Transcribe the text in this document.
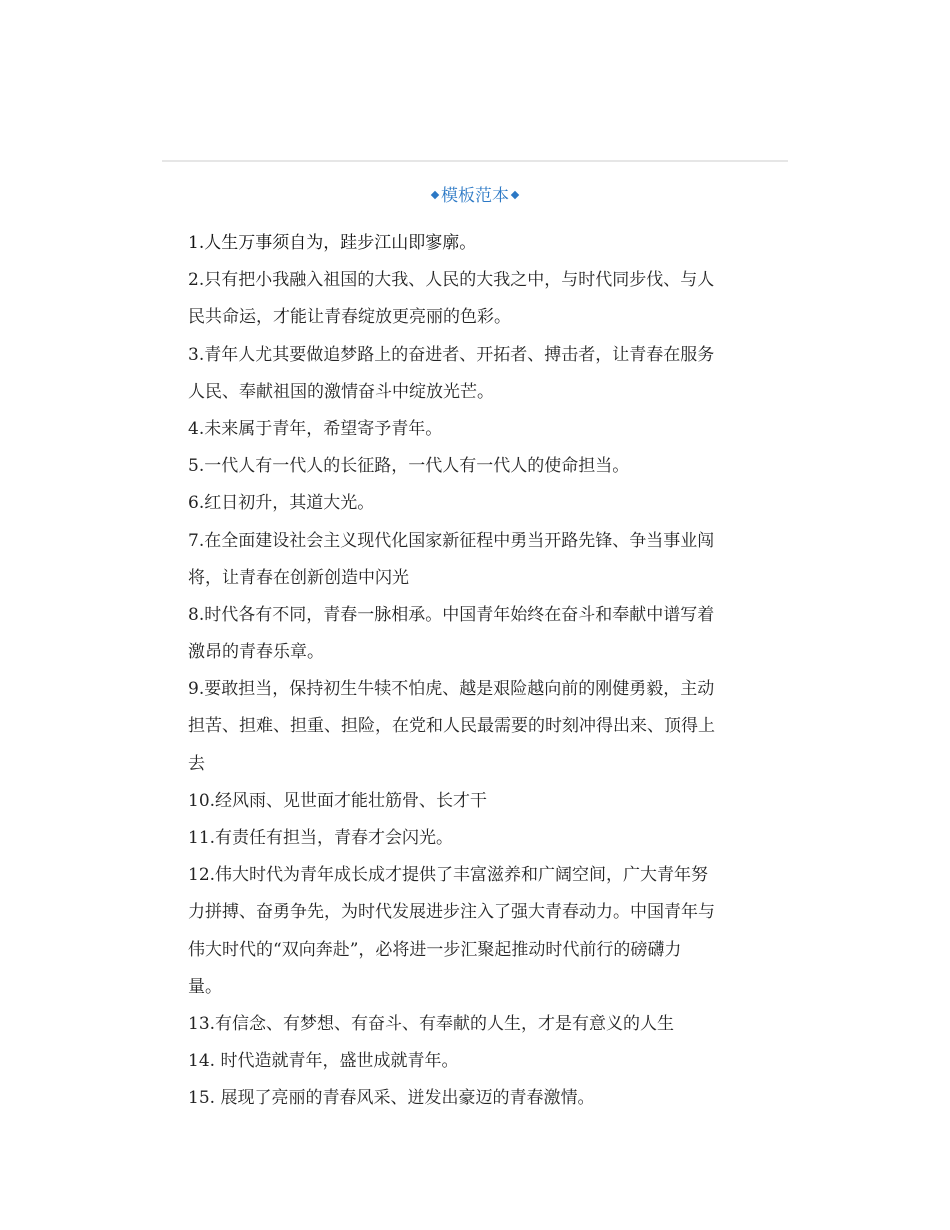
模板范本
1.人生万事须自为，跬步江山即寥廓。
2.只有把小我融入祖国的大我、人民的大我之中，与时代同步伐、与人
民共命运，才能让青春绽放更亮丽的色彩。
3.青年人尤其要做追梦路上的奋进者、开拓者、搏击者，让青春在服务
人民、奉献祖国的激情奋斗中绽放光芒。
4.未来属于青年，希望寄予青年。
5.一代人有一代人的长征路，一代人有一代人的使命担当。
6.红日初升，其道大光。
7.在全面建设社会主义现代化国家新征程中勇当开路先锋、争当事业闯
将，让青春在创新创造中闪光
8.时代各有不同，青春一脉相承。中国青年始终在奋斗和奉献中谱写着
激昂的青春乐章。
9.要敢担当，保持初生牛犊不怕虎、越是艰险越向前的刚健勇毅，主动
担苦、担难、担重、担险，在党和人民最需要的时刻冲得出来、顶得上
去
10.经风雨、见世面才能壮筋骨、长才干
11.有责任有担当，青春才会闪光。
12.伟大时代为青年成长成才提供了丰富滋养和广阔空间，广大青年努
力拼搏、奋勇争先，为时代发展进步注入了强大青春动力。中国青年与
伟大时代的“双向奔赴”，必将进一步汇聚起推动时代前行的磅礴力
量。
13.有信念、有梦想、有奋斗、有奉献的人生，才是有意义的人生
14. 时代造就青年，盛世成就青年。
15. 展现了亮丽的青春风采、迸发出豪迈的青春激情。
